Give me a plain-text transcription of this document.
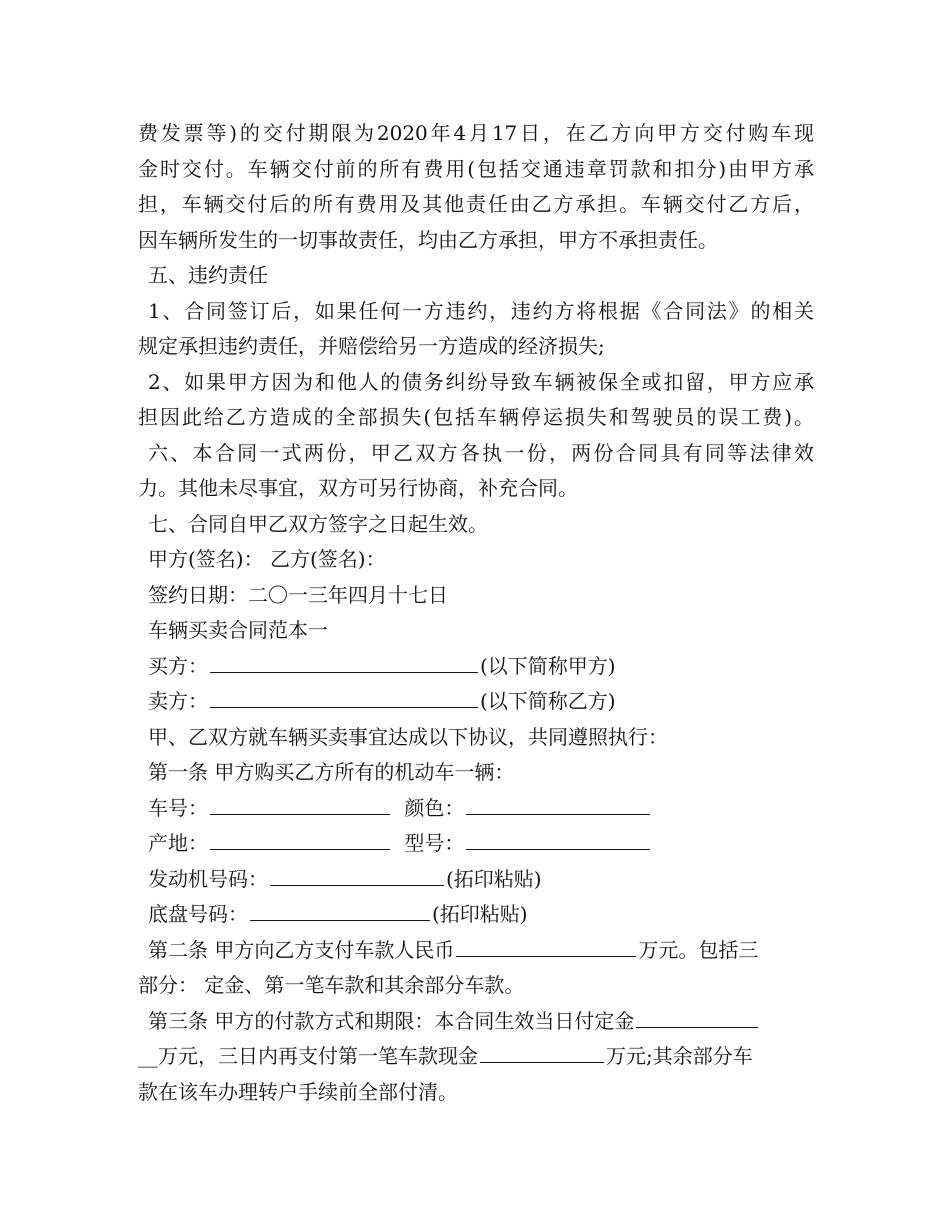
费发票等)的交付期限为2020年4月17日，在乙方向甲方交付购车现

金时交付。车辆交付前的所有费用(包括交通违章罚款和扣分)由甲方承

担，车辆交付后的所有费用及其他责任由乙方承担。车辆交付乙方后，

因车辆所发生的一切事故责任，均由乙方承担，甲方不承担责任。

五、违约责任

1、合同签订后，如果任何一方违约，违约方将根据《合同法》的相关

规定承担违约责任，并赔偿给另一方造成的经济损失;

2、如果甲方因为和他人的债务纠纷导致车辆被保全或扣留，甲方应承

担因此给乙方造成的全部损失(包括车辆停运损失和驾驶员的误工费)。

六、本合同一式两份，甲乙双方各执一份，两份合同具有同等法律效

力。其他未尽事宜，双方可另行协商，补充合同。

七、合同自甲乙双方签字之日起生效。

甲方(签名)： 乙方(签名)：

签约日期：二〇一三年四月十七日

车辆买卖合同范本一

买方：	(以下简称甲方)

卖方：	(以下简称乙方)

甲、乙双方就车辆买卖事宜达成以下协议，共同遵照执行：

第一条 甲方购买乙方所有的机动车一辆：

车号：	颜色：

产地：	型号：

发动机号码：	(拓印粘贴)

底盘号码：	(拓印粘贴)

第二条 甲方向乙方支付车款人民币	万元。包括三

部分： 定金、第一笔车款和其余部分车款。

第三条 甲方的付款方式和期限：本合同生效当日付定金

__万元，三日内再支付第一笔车款现金	万元;其余部分车

款在该车办理转户手续前全部付清。
